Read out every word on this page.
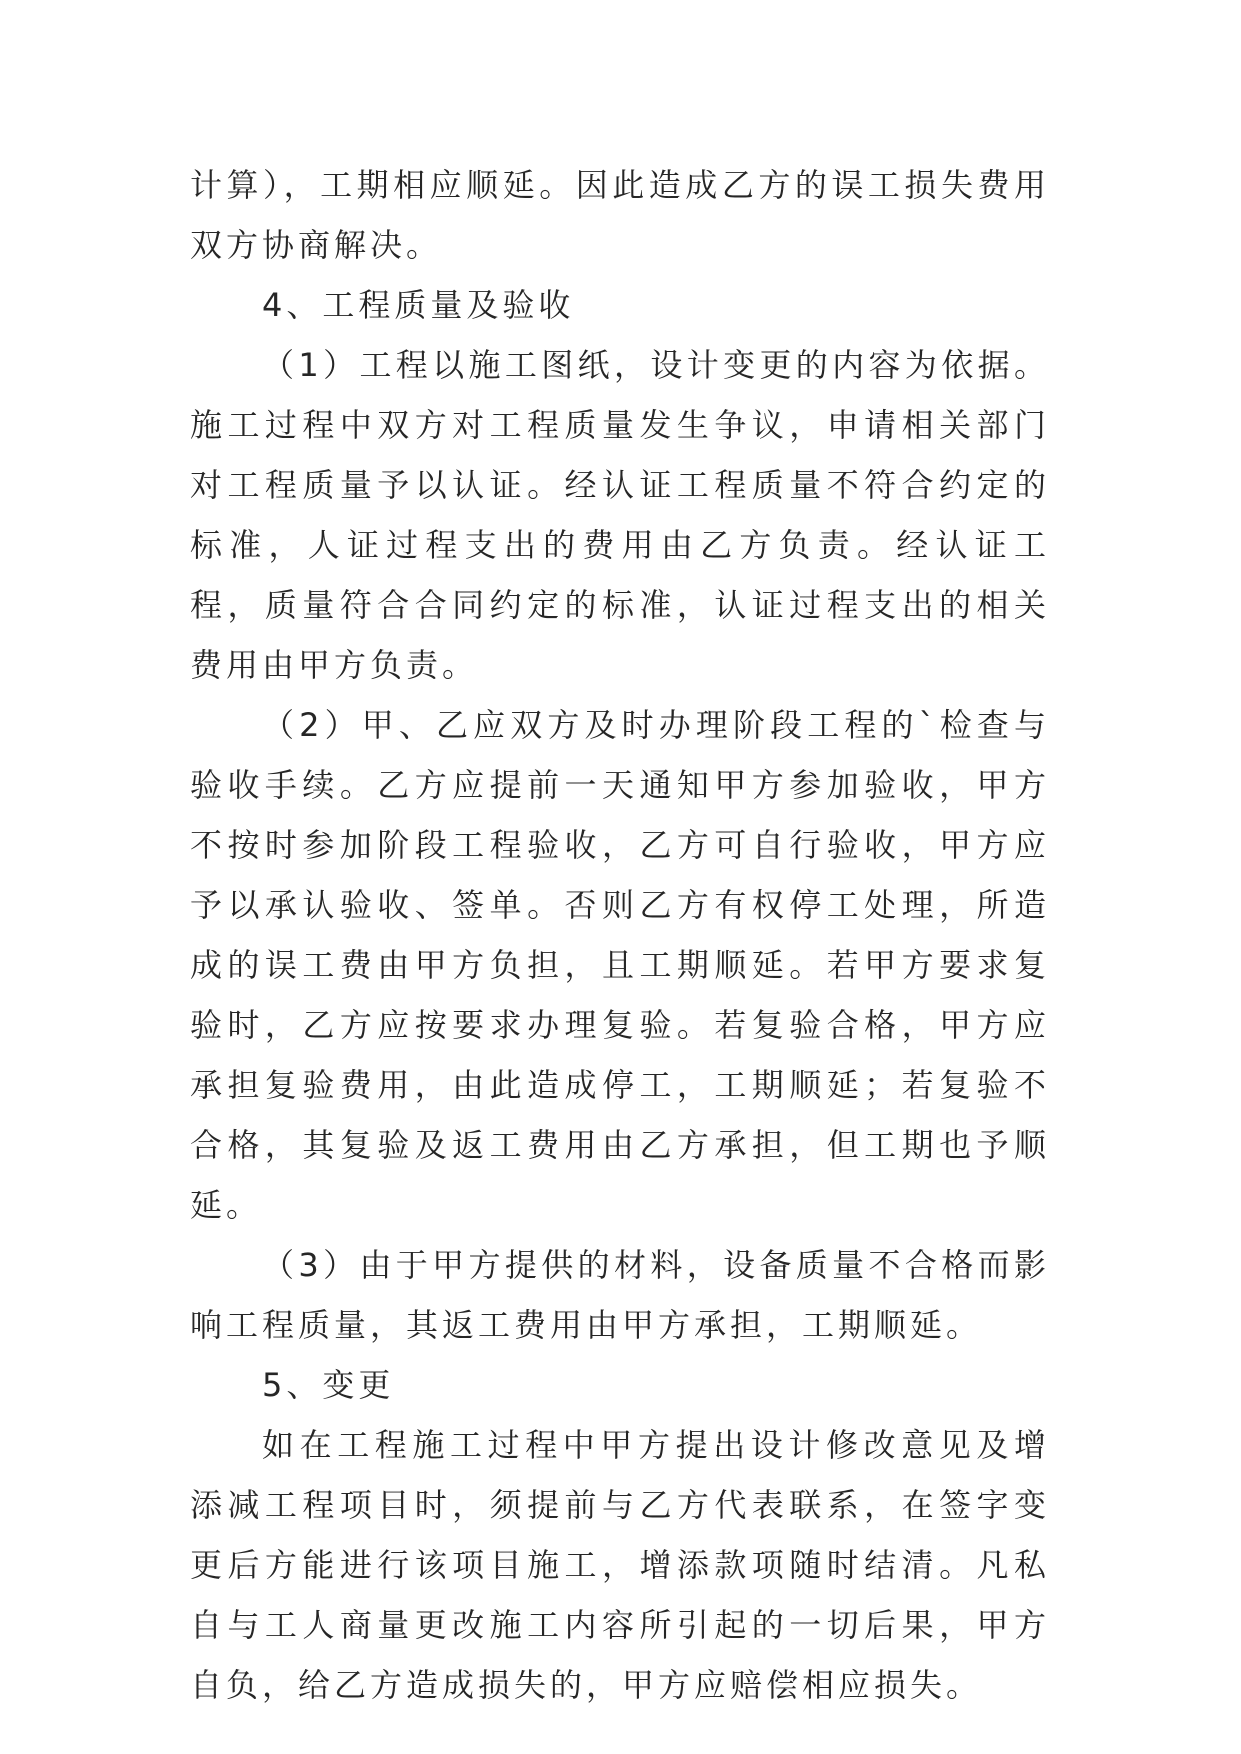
计算），工期相应顺延。因此造成乙方的误工损失费用双方协商解决。

4、工程质量及验收

（1）工程以施工图纸，设计变更的内容为依据。施工过程中双方对工程质量发生争议，申请相关部门对工程质量予以认证。经认证工程质量不符合约定的标准，人证过程支出的费用由乙方负责。经认证工程，质量符合合同约定的标准，认证过程支出的相关费用由甲方负责。

（2）甲、乙应双方及时办理阶段工程的`检查与验收手续。乙方应提前一天通知甲方参加验收，甲方不按时参加阶段工程验收，乙方可自行验收，甲方应予以承认验收、签单。否则乙方有权停工处理，所造成的误工费由甲方负担，且工期顺延。若甲方要求复验时，乙方应按要求办理复验。若复验合格，甲方应承担复验费用，由此造成停工，工期顺延；若复验不合格，其复验及返工费用由乙方承担，但工期也予顺延。

（3）由于甲方提供的材料，设备质量不合格而影响工程质量，其返工费用由甲方承担，工期顺延。

5、变更

如在工程施工过程中甲方提出设计修改意见及增添减工程项目时，须提前与乙方代表联系，在签字变更后方能进行该项目施工，增添款项随时结清。凡私自与工人商量更改施工内容所引起的一切后果，甲方自负，给乙方造成损失的，甲方应赔偿相应损失。
